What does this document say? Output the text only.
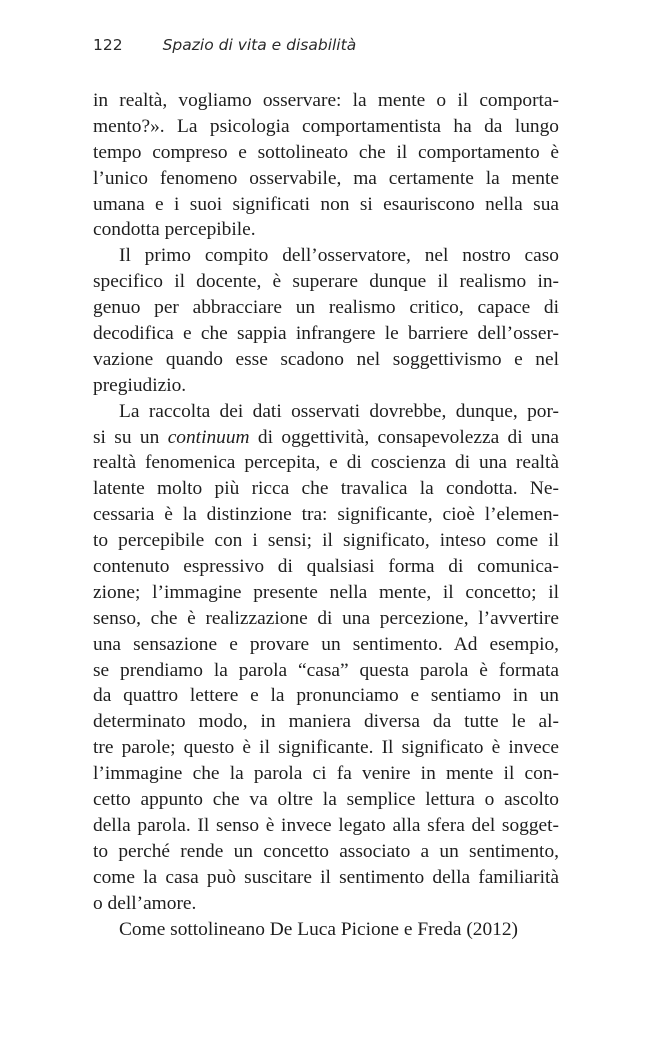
122	Spazio di vita e disabilità
in realtà, vogliamo osservare: la mente o il comporta-
mento?». La psicologia comportamentista ha da lungo
tempo compreso e sottolineato che il comportamento è
l’unico fenomeno osservabile, ma certamente la mente
umana e i suoi significati non si esauriscono nella sua
condotta percepibile.
Il primo compito dell’osservatore, nel nostro caso
specifico il docente, è superare dunque il realismo in-
genuo per abbracciare un realismo critico, capace di
decodifica e che sappia infrangere le barriere dell’osser-
vazione quando esse scadono nel soggettivismo e nel
pregiudizio.
La raccolta dei dati osservati dovrebbe, dunque, por-
si su un continuum di oggettività, consapevolezza di una
realtà fenomenica percepita, e di coscienza di una realtà
latente molto più ricca che travalica la condotta. Ne-
cessaria è la distinzione tra: significante, cioè l’elemen-
to percepibile con i sensi; il significato, inteso come il
contenuto espressivo di qualsiasi forma di comunica-
zione; l’immagine presente nella mente, il concetto; il
senso, che è realizzazione di una percezione, l’avvertire
una sensazione e provare un sentimento. Ad esempio,
se prendiamo la parola “casa” questa parola è formata
da quattro lettere e la pronunciamo e sentiamo in un
determinato modo, in maniera diversa da tutte le al-
tre parole; questo è il significante. Il significato è invece
l’immagine che la parola ci fa venire in mente il con-
cetto appunto che va oltre la semplice lettura o ascolto
della parola. Il senso è invece legato alla sfera del sogget-
to perché rende un concetto associato a un sentimento,
come la casa può suscitare il sentimento della familiarità
o dell’amore.
Come sottolineano De Luca Picione e Freda (2012)
